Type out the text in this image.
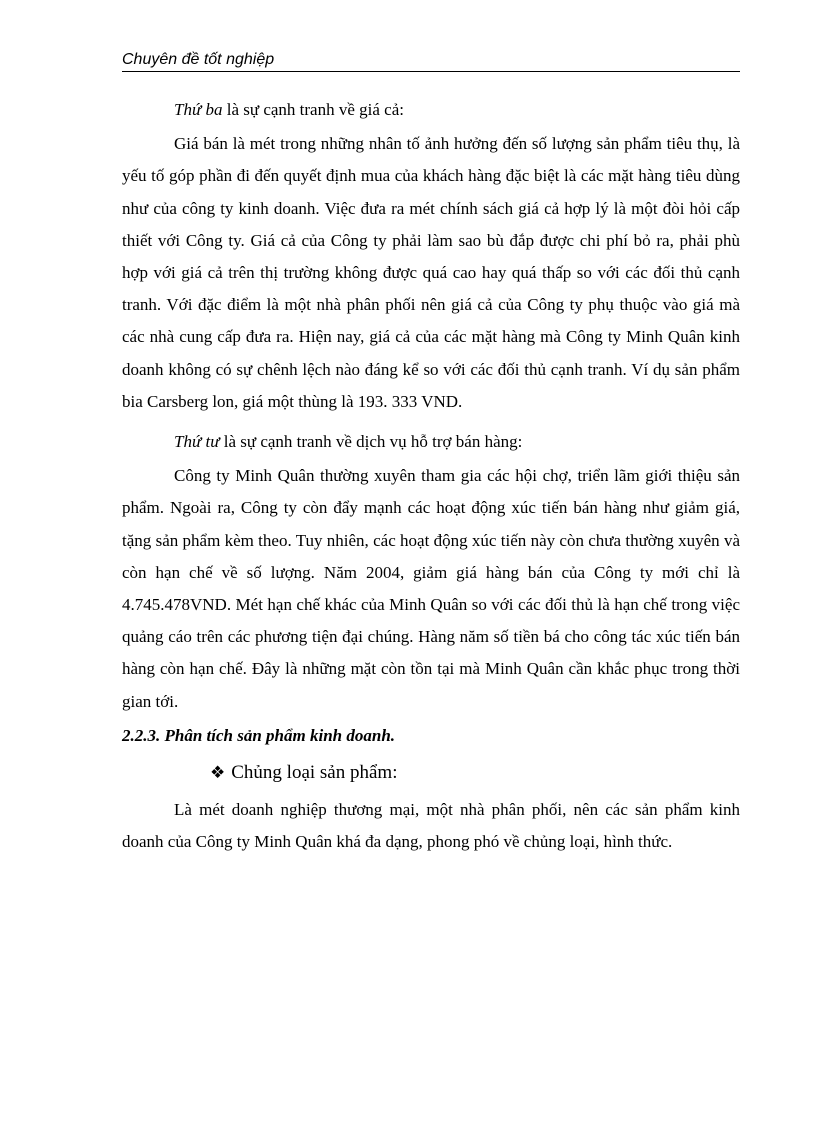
Chuyên đề tốt nghiệp

Thứ ba là sự cạnh tranh về giá cả:

Giá bán là mét trong những nhân tố ảnh hưởng đến số lượng sản phẩm tiêu thụ, là yếu tố góp phần đi đến quyết định mua của khách hàng đặc biệt là các mặt hàng tiêu dùng như của công ty kinh doanh. Việc đưa ra mét chính sách giá cả hợp lý là một đòi hỏi cấp thiết với Công ty. Giá cả của Công ty phải làm sao bù đắp được chi phí bỏ ra, phải phù hợp với giá cả trên thị trường không được quá cao hay quá thấp so với các đối thủ cạnh tranh. Với đặc điểm là một nhà phân phối nên giá cả của Công ty phụ thuộc vào giá mà các nhà cung cấp đưa ra. Hiện nay, giá cả của các mặt hàng mà Công ty Minh Quân kinh doanh không có sự chênh lệch nào đáng kể so với các đối thủ cạnh tranh. Ví dụ sản phẩm bia Carsberg lon, giá một thùng là 193. 333 VND.

Thứ tư là sự cạnh tranh về dịch vụ hỗ trợ bán hàng:

Công ty Minh Quân thường xuyên tham gia các hội chợ, triển lãm giới thiệu sản phẩm. Ngoài ra, Công ty còn đẩy mạnh các hoạt động xúc tiến bán hàng như giảm giá, tặng sản phẩm kèm theo. Tuy nhiên, các hoạt động xúc tiến này còn chưa thường xuyên và còn hạn chế về số lượng. Năm 2004, giảm giá hàng bán của Công ty mới chỉ là 4.745.478VND. Mét hạn chế khác của Minh Quân so với các đối thủ là hạn chế trong việc quảng cáo trên các phương tiện đại chúng. Hàng năm số tiền bá cho công tác xúc tiến bán hàng còn hạn chế. Đây là những mặt còn tồn tại mà Minh Quân cần khắc phục trong thời gian tới.

2.2.3. Phân tích sản phẩm kinh doanh.

❖ Chủng loại sản phẩm:

Là mét doanh nghiệp thương mại, một nhà phân phối, nên các sản phẩm kinh doanh của Công ty Minh Quân khá đa dạng, phong phó về chủng loại, hình thức.
